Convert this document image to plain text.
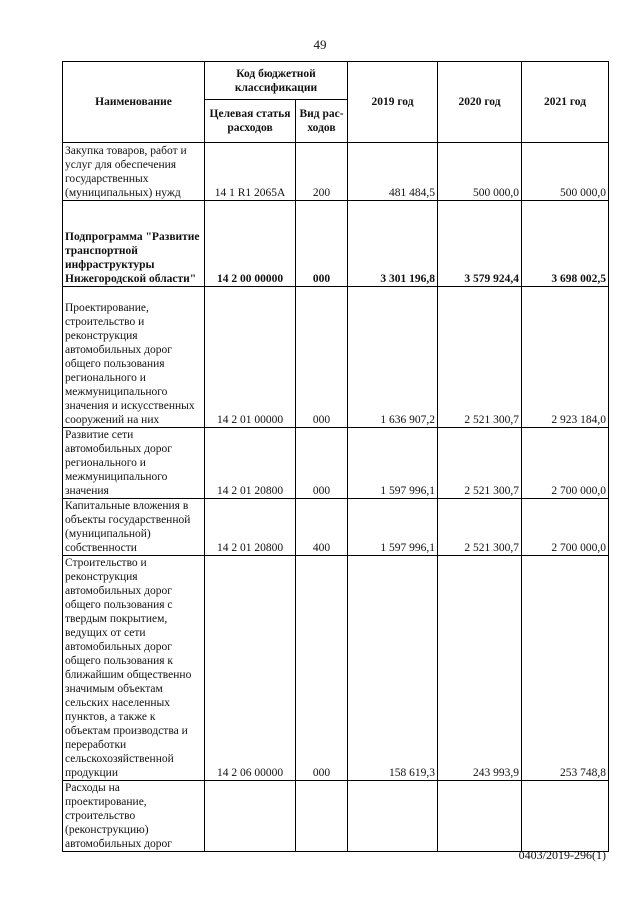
49
Наименование	Код бюджетной классификации		2019 год	2020 год	2021 год
	Целевая статья расходов	Вид рас-ходов			
Закупка товаров, работ и услуг для обеспечения государственных (муниципальных) нужд	14 1 R1 2065А	200	481 484,5	500 000,0	500 000,0
Подпрограмма "Развитие транспортной инфраструктуры Нижегородской области"	14 2 00 00000	000	3 301 196,8	3 579 924,4	3 698 002,5
Проектирование, строительство и реконструкция автомобильных дорог общего пользования регионального и межмуниципального значения и искусственных сооружений на них	14 2 01 00000	000	1 636 907,2	2 521 300,7	2 923 184,0
Развитие сети автомобильных дорог регионального и межмуниципального значения	14 2 01 20800	000	1 597 996,1	2 521 300,7	2 700 000,0
Капитальные вложения в объекты государственной (муниципальной) собственности	14 2 01 20800	400	1 597 996,1	2 521 300,7	2 700 000,0
Строительство и реконструкция автомобильных дорог общего пользования с твердым покрытием, ведущих от сети автомобильных дорог общего пользования к ближайшим общественно значимым объектам сельских населенных пунктов, а также к объектам производства и переработки сельскохозяйственной продукции	14 2 06 00000	000	158 619,3	243 993,9	253 748,8
Расходы на проектирование, строительство (реконструкцию) автомобильных дорог					
0403/2019-296(1)
